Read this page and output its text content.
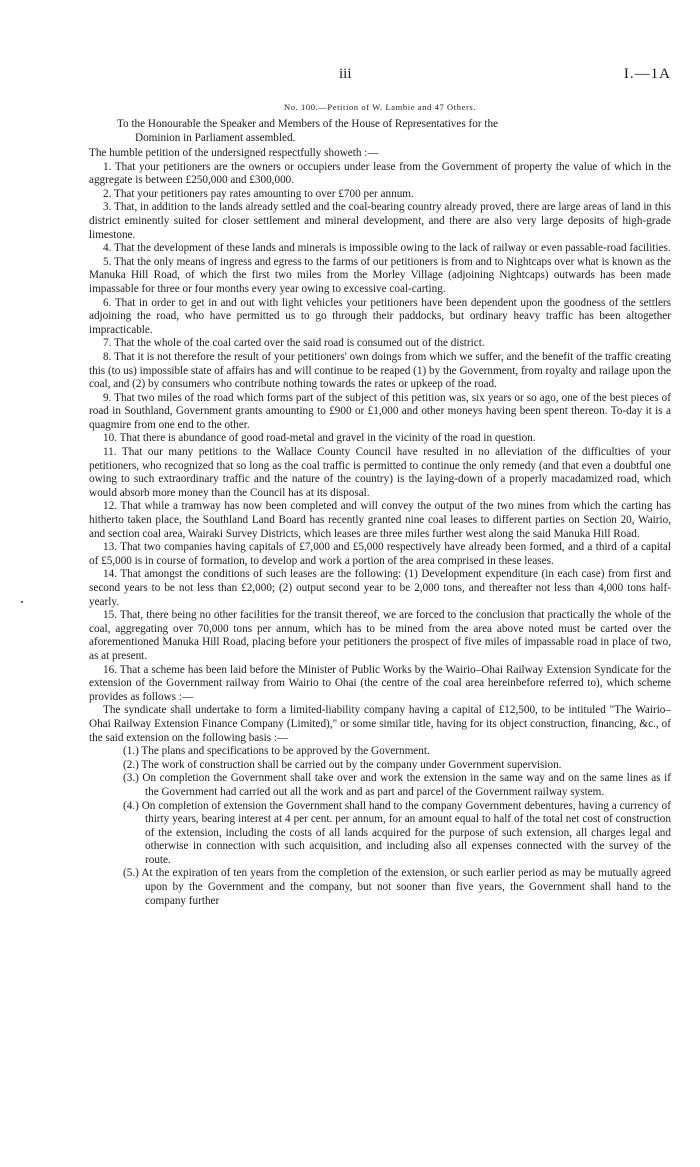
iii	I.—1A
No. 100.—Petition of W. Lambie and 47 Others.
To the Honourable the Speaker and Members of the House of Representatives for the
Dominion in Parliament assembled.

The humble petition of the undersigned respectfully showeth :—

1. That your petitioners are the owners or occupiers under lease from the Government of property the value of which in the aggregate is between £250,000 and £300,000.

2. That your petitioners pay rates amounting to over £700 per annum.

3. That, in addition to the lands already settled and the coal-bearing country already proved, there are large areas of land in this district eminently suited for closer settlement and mineral development, and there are also very large deposits of high-grade limestone.

4. That the development of these lands and minerals is impossible owing to the lack of railway or even passable-road facilities.

5. That the only means of ingress and egress to the farms of our petitioners is from and to Nightcaps over what is known as the Manuka Hill Road, of which the first two miles from the Morley Village (adjoining Nightcaps) outwards has been made impassable for three or four months every year owing to excessive coal-carting.

6. That in order to get in and out with light vehicles your petitioners have been dependent upon the goodness of the settlers adjoining the road, who have permitted us to go through their paddocks, but ordinary heavy traffic has been altogether impracticable.

7. That the whole of the coal carted over the said road is consumed out of the district.

8. That it is not therefore the result of your petitioners' own doings from which we suffer, and the benefit of the traffic creating this (to us) impossible state of affairs has and will continue to be reaped (1) by the Government, from royalty and railage upon the coal, and (2) by consumers who contribute nothing towards the rates or upkeep of the road.

9. That two miles of the road which forms part of the subject of this petition was, six years or so ago, one of the best pieces of road in Southland, Government grants amounting to £900 or £1,000 and other moneys having been spent thereon. To-day it is a quagmire from one end to the other.

10. That there is abundance of good road-metal and gravel in the vicinity of the road in question.

11. That our many petitions to the Wallace County Council have resulted in no alleviation of the difficulties of your petitioners, who recognized that so long as the coal traffic is permitted to continue the only remedy (and that even a doubtful one owing to such extraordinary traffic and the nature of the country) is the laying-down of a properly macadamized road, which would absorb more money than the Council has at its disposal.

12. That while a tramway has now been completed and will convey the output of the two mines from which the carting has hitherto taken place, the Southland Land Board has recently granted nine coal leases to different parties on Section 20, Wairio, and section coal area, Wairaki Survey Districts, which leases are three miles further west along the said Manuka Hill Road.

13. That two companies having capitals of £7,000 and £5,000 respectively have already been formed, and a third of a capital of £5,000 is in course of formation, to develop and work a portion of the area comprised in these leases.

14. That amongst the conditions of such leases are the following: (1) Development expenditure (in each case) from first and second years to be not less than £2,000; (2) output second year to be 2,000 tons, and thereafter not less than 4,000 tons half-yearly.

15. That, there being no other facilities for the transit thereof, we are forced to the conclusion that practically the whole of the coal, aggregating over 70,000 tons per annum, which has to be mined from the area above noted must be carted over the aforementioned Manuka Hill Road, placing before your petitioners the prospect of five miles of impassable road in place of two, as at present.

16. That a scheme has been laid before the Minister of Public Works by the Wairio–Ohai Railway Extension Syndicate for the extension of the Government railway from Wairio to Ohai (the centre of the coal area hereinbefore referred to), which scheme provides as follows :—

The syndicate shall undertake to form a limited-liability company having a capital of £12,500, to be intituled "The Wairio–Ohai Railway Extension Finance Company (Limited)," or some similar title, having for its object construction, financing, &c., of the said extension on the following basis :—

(1.) The plans and specifications to be approved by the Government.
(2.) The work of construction shall be carried out by the company under Government supervision.
(3.) On completion the Government shall take over and work the extension in the same way and on the same lines as if the Government had carried out all the work and as part and parcel of the Government railway system.
(4.) On completion of extension the Government shall hand to the company Government debentures, having a currency of thirty years, bearing interest at 4 per cent. per annum, for an amount equal to half of the total net cost of construction of the extension, including the costs of all lands acquired for the purpose of such extension, all charges legal and otherwise in connection with such acquisition, and including also all expenses connected with the survey of the route.
(5.) At the expiration of ten years from the completion of the extension, or such earlier period as may be mutually agreed upon by the Government and the company, but not sooner than five years, the Government shall hand to the company further
